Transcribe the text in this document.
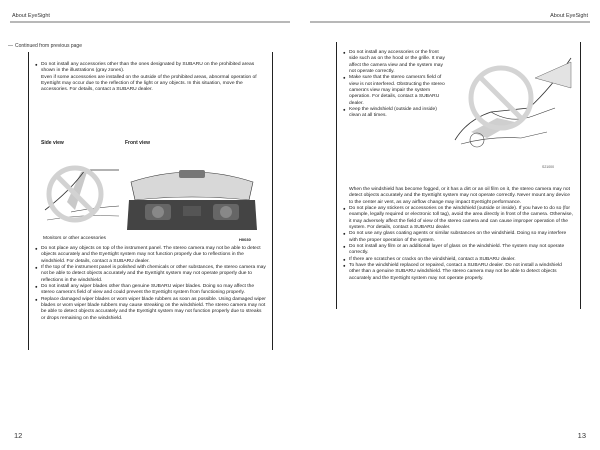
About EyeSight	About EyeSight
12	13
― Continued from previous page
● Do not install any accessories other than the ones designated by SUBARU on the prohibited areas shown in the illustrations (gray zones).
Even if some accessories are installed on the outside of the prohibited areas, abnormal operation of EyeSight may occur due to the reflection of the light or any objects. In this situation, move the accessories. For details, contact a SUBARU dealer.
Side view	Front view
Monitors or other accessories	H0030
● Do not place any objects on top of the instrument panel. The stereo camera may not be able to detect objects accurately and the EyeSight system may not function properly due to reflections in the windshield. For details, contact a SUBARU dealer.
● If the top of the instrument panel is polished with chemicals or other substances, the stereo camera may not be able to detect objects accurately and the EyeSight system may not operate properly due to reflections in the windshield.
● Do not install any wiper blades other than genuine SUBARU wiper blades. Doing so may affect the stereo camera's field of view and could prevent the EyeSight system from functioning properly.
● Replace damaged wiper blades or worn wiper blade rubbers as soon as possible. Using damaged wiper blades or worn wiper blade rubbers may cause streaking on the windshield. The stereo camera may not be able to detect objects accurately and the EyeSight system may not function properly due to streaks or drops remaining on the windshield.
● Do not install any accessories or the front side such as on the hood or the grille. It may affect the camera view and the system may not operate correctly.
● Make sure that the stereo camera's field of view is not interfered. Obstructing the stereo camera's view may impair the system operation. For details, contact a SUBARU dealer.
● Keep the windshield (outside and inside) clean at all times.
S21000
When the windshield has become fogged, or it has a dirt or an oil film on it, the stereo camera may not detect objects accurately and the EyeSight system may not operate correctly. Never mount any device to the center air vent, as any airflow change may impact EyeSight performance.
● Do not place any stickers or accessories on the windshield (outside or inside). If you have to do so (for example, legally required or electronic toll tag), avoid the area directly in front of the camera. Otherwise, it may adversely affect the field of view of the stereo camera and can cause improper operation of the system. For details, contact a SUBARU dealer.
● Do not use any glass coating agents or similar substances on the windshield. Doing so may interfere with the proper operation of the system.
● Do not install any film or an additional layer of glass on the windshield. The system may not operate correctly.
● If there are scratches or cracks on the windshield, contact a SUBARU dealer.
● To have the windshield replaced or repaired, contact a SUBARU dealer. Do not install a windshield other than a genuine SUBARU windshield. The stereo camera may not be able to detect objects accurately and the EyeSight system may not operate properly.
